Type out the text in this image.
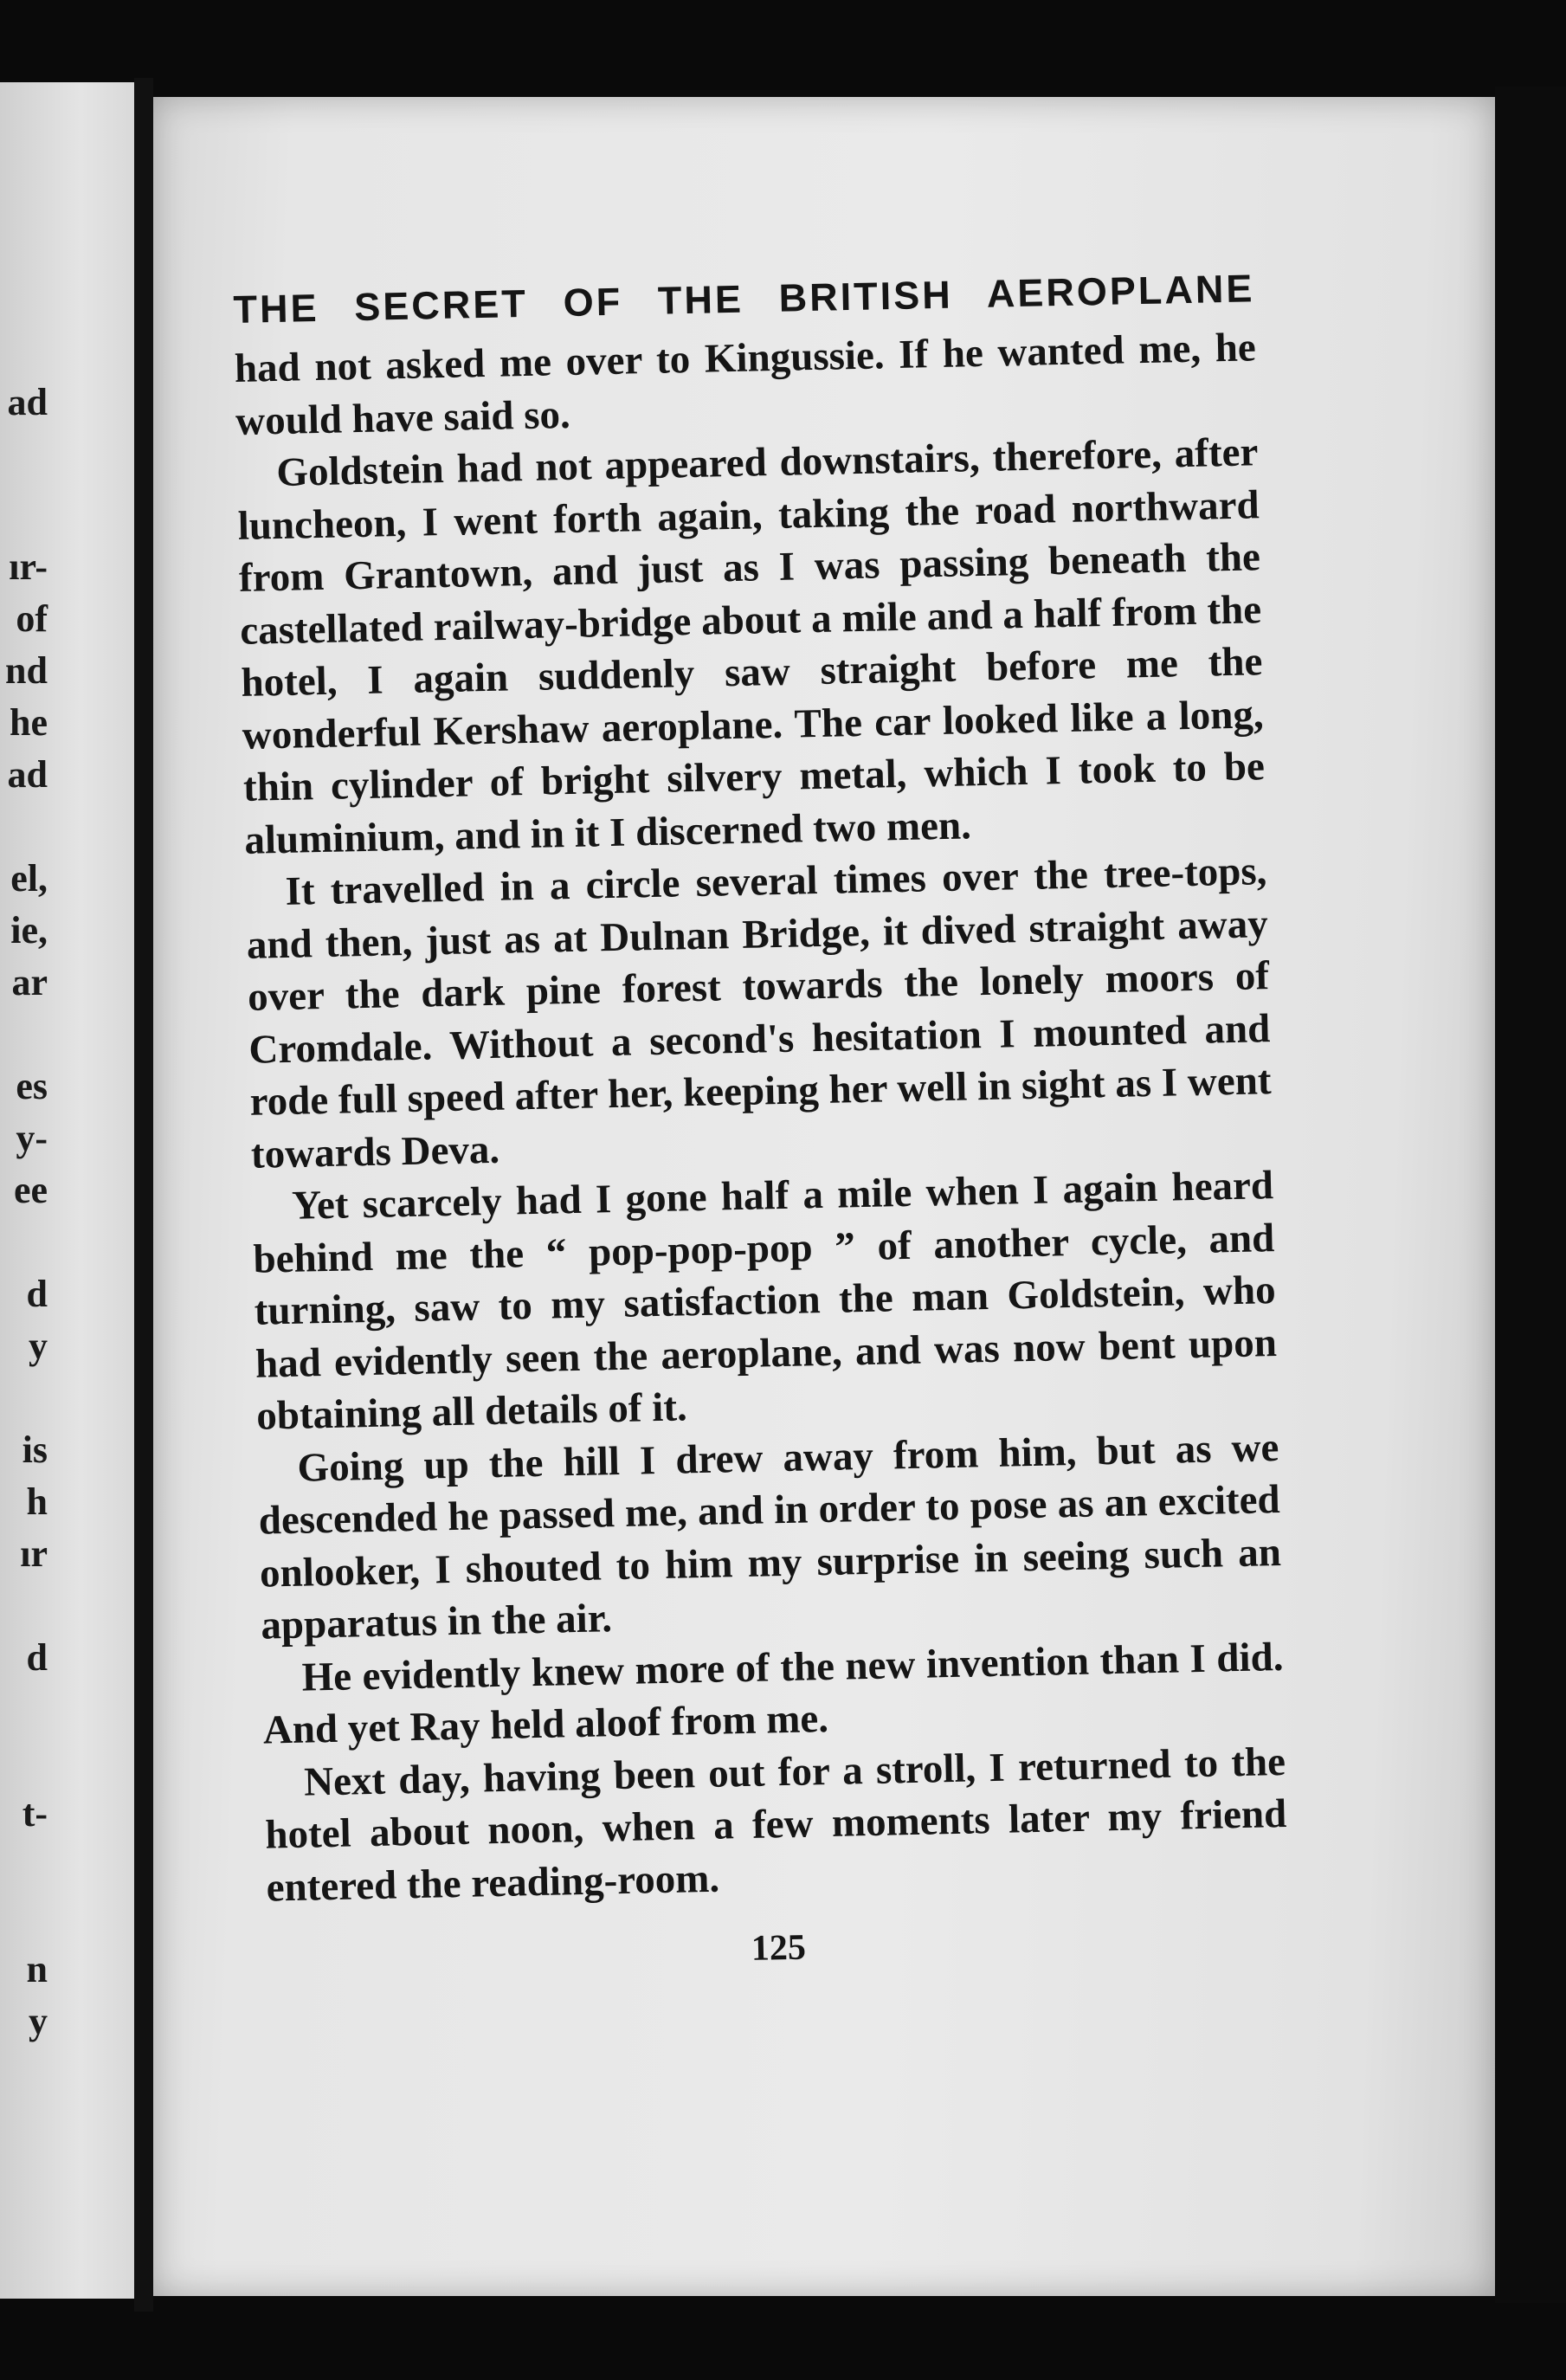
ad
ır-
of
nd
he
ad
el,
ie,
ar
es
y-
ee
d
y
is
h
ır
d
t-
n
y
THE SECRET OF THE BRITISH AEROPLANE

had not asked me over to Kingussie. If he wanted me, he would have said so.

Goldstein had not appeared downstairs, therefore, after luncheon, I went forth again, taking the road northward from Grantown, and just as I was passing beneath the castellated railway-bridge about a mile and a half from the hotel, I again suddenly saw straight before me the wonderful Kershaw aeroplane. The car looked like a long, thin cylinder of bright silvery metal, which I took to be aluminium, and in it I discerned two men.

It travelled in a circle several times over the tree-tops, and then, just as at Dulnan Bridge, it dived straight away over the dark pine forest towards the lonely moors of Cromdale. Without a second's hesitation I mounted and rode full speed after her, keeping her well in sight as I went towards Deva.

Yet scarcely had I gone half a mile when I again heard behind me the “ pop-pop-pop ” of another cycle, and turning, saw to my satisfaction the man Goldstein, who had evidently seen the aeroplane, and was now bent upon obtaining all details of it.

Going up the hill I drew away from him, but as we descended he passed me, and in order to pose as an excited onlooker, I shouted to him my surprise in seeing such an apparatus in the air.

He evidently knew more of the new invention than I did. And yet Ray held aloof from me.

Next day, having been out for a stroll, I returned to the hotel about noon, when a few moments later my friend entered the reading-room.

125
